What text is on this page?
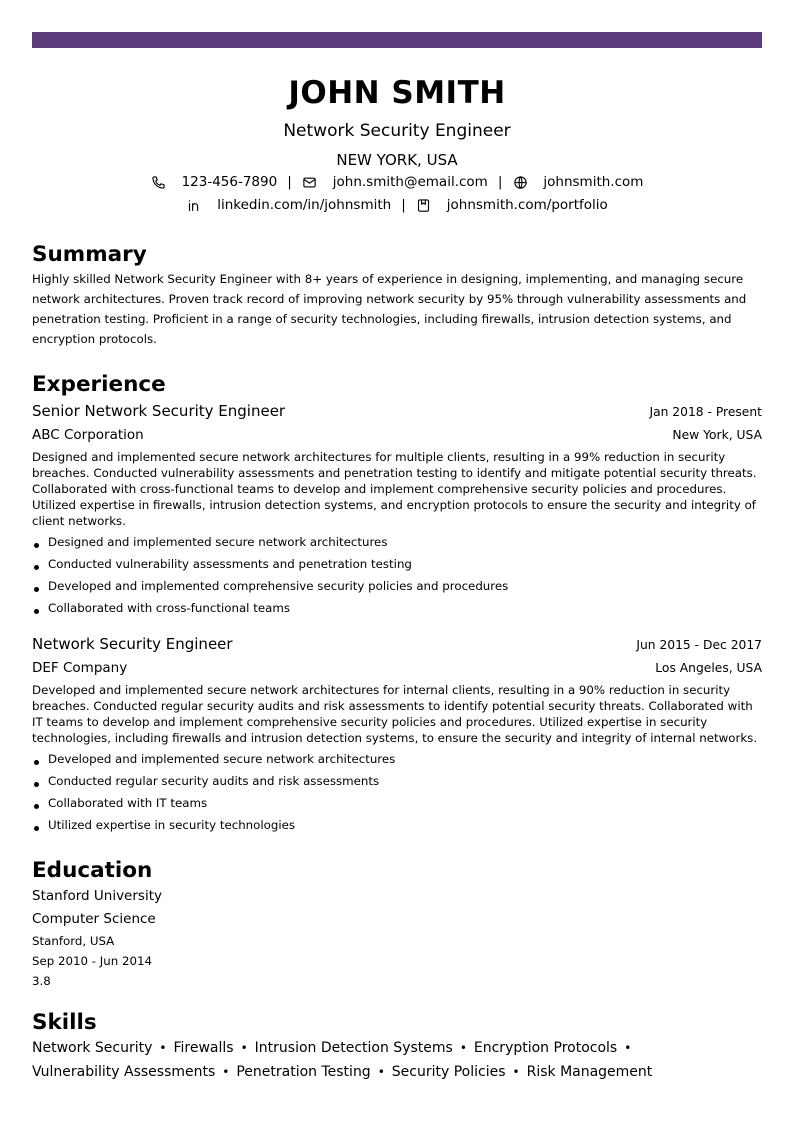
JOHN SMITH
Network Security Engineer
NEW YORK, USA
123-456-7890 |	john.smith@email.com |	johnsmith.com
linkedin.com/in/johnsmith |	johnsmith.com/portfolio
Summary
Highly skilled Network Security Engineer with 8+ years of experience in designing, implementing, and managing secure network architectures. Proven track record of improving network security by 95% through vulnerability assessments and penetration testing. Proficient in a range of security technologies, including firewalls, intrusion detection systems, and encryption protocols.
Experience
Senior Network Security Engineer	Jan 2018 - Present
ABC Corporation	New York, USA
Designed and implemented secure network architectures for multiple clients, resulting in a 99% reduction in security breaches. Conducted vulnerability assessments and penetration testing to identify and mitigate potential security threats. Collaborated with cross-functional teams to develop and implement comprehensive security policies and procedures. Utilized expertise in firewalls, intrusion detection systems, and encryption protocols to ensure the security and integrity of client networks.
Designed and implemented secure network architectures
Conducted vulnerability assessments and penetration testing
Developed and implemented comprehensive security policies and procedures
Collaborated with cross-functional teams
Network Security Engineer	Jun 2015 - Dec 2017
DEF Company	Los Angeles, USA
Developed and implemented secure network architectures for internal clients, resulting in a 90% reduction in security breaches. Conducted regular security audits and risk assessments to identify potential security threats. Collaborated with IT teams to develop and implement comprehensive security policies and procedures. Utilized expertise in security technologies, including firewalls and intrusion detection systems, to ensure the security and integrity of internal networks.
Developed and implemented secure network architectures
Conducted regular security audits and risk assessments
Collaborated with IT teams
Utilized expertise in security technologies
Education
Stanford University
Computer Science
Stanford, USA
Sep 2010 - Jun 2014
3.8
Skills
Network Security • Firewalls • Intrusion Detection Systems • Encryption Protocols •
Vulnerability Assessments • Penetration Testing • Security Policies • Risk Management
